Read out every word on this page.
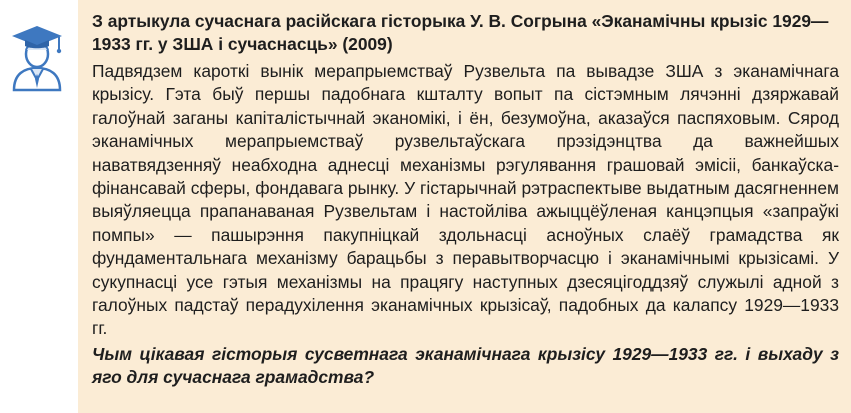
З артыкула сучаснага расійскага гісторыка У. В. Согрына «Эканамічны крызіс 1929—1933 гг. у ЗША і сучаснасць» (2009)

Падвядзем кароткі вынік мерапрыемстваў Рузвельта па вывадзе ЗША з эканамічнага крызісу. Гэта быў першы падобнага кшталту вопыт па сістэмным лячэнні дзяржавай галоўнай заганы капіталістычнай эканомікі, і ён, безумоўна, аказаўся паспяховым. Сярод эканамічных мерапрыемстваў рузвельтаўскага прэзідэнцтва да важнейшых наватвядзенняў неабходна аднесці механізмы рэгулявання грашовай эмісіі, банкаўска-фінансавай сферы, фондавага рынку. У гістарычнай рэтраспектыве выдатным дасягненнем выяўляецца прапанаваная Рузвельтам і настойліва ажыццёўленая канцэпцыя «запраўкі помпы» — пашырэння пакупніцкай здольнасці асноўных слаёў грамадства як фундаментальнага механізму барацьбы з перавытворчасцю і эканамічнымі крызісамі. У сукупнасці усе гэтыя механізмы на працягу наступных дзесяцігоддзяў служылі адной з галоўных падстаў перадухілення эканамічных крызісаў, падобных да калапсу 1929—1933 гг.

Чым цікавая гісторыя сусветнага эканамічнага крызісу 1929—1933 гг. і выхаду з яго для сучаснага грамадства?
